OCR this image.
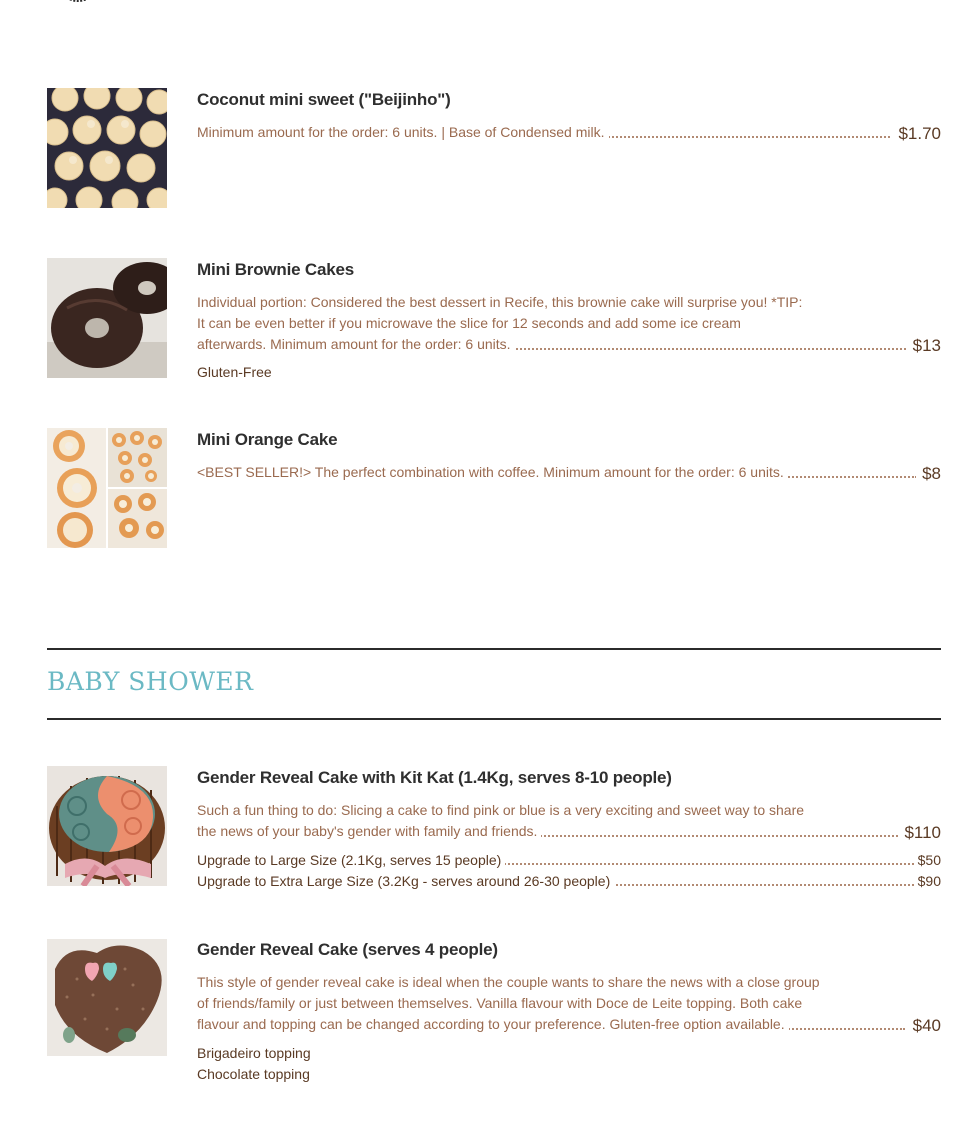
Coconut mini sweet ("Beijinho")
Minimum amount for the order: 6 units. | Base of Condensed milk.	$1.70
Mini Brownie Cakes
Individual portion: Considered the best dessert in Recife, this brownie cake will surprise you! *TIP: It can be even better if you microwave the slice for 12 seconds and add some ice cream afterwards. Minimum amount for the order: 6 units.	$13
Gluten-Free
Mini Orange Cake
<BEST SELLER!> The perfect combination with coffee. Minimum amount for the order: 6 units.	$8
BABY SHOWER
Gender Reveal Cake with Kit Kat (1.4Kg, serves 8-10 people)
Such a fun thing to do: Slicing a cake to find pink or blue is a very exciting and sweet way to share the news of your baby's gender with family and friends.	$110
Upgrade to Large Size (2.1Kg, serves 15 people)	$50
Upgrade to Extra Large Size (3.2Kg - serves around 26-30 people)	$90
Gender Reveal Cake (serves 4 people)
This style of gender reveal cake is ideal when the couple wants to share the news with a close group of friends/family or just between themselves. Vanilla flavour with Doce de Leite topping. Both cake flavour and topping can be changed according to your preference. Gluten-free option available.	$40
Brigadeiro topping
Chocolate topping
